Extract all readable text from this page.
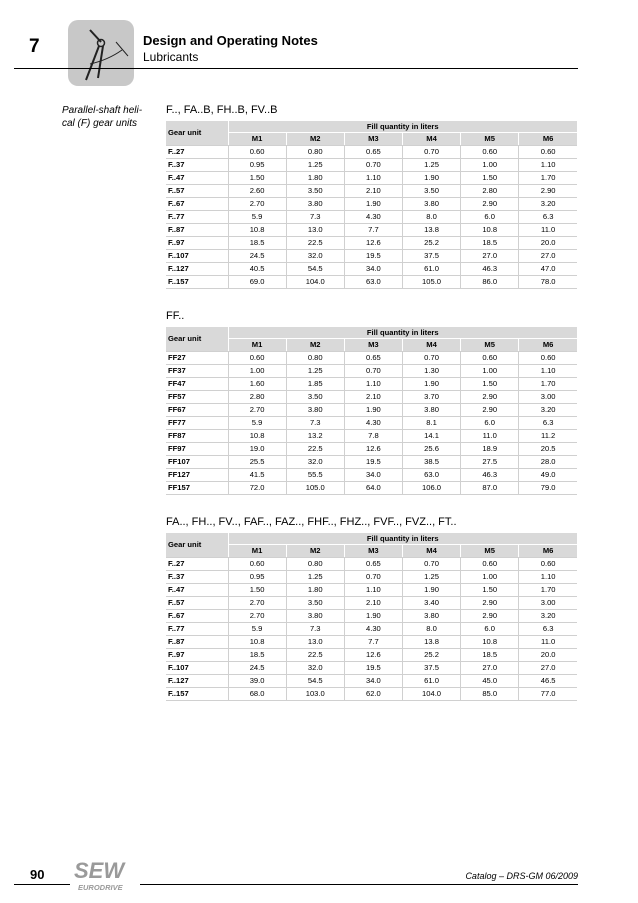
7	Design and Operating Notes
Lubricants
Parallel-shaft heli-cal (F) gear units
F.., FA..B, FH..B, FV..B
Gear unit	Fill quantity in liters					
	M1	M2	M3	M4	M5	M6
F..27	0.60	0.80	0.65	0.70	0.60	0.60
F..37	0.95	1.25	0.70	1.25	1.00	1.10
F..47	1.50	1.80	1.10	1.90	1.50	1.70
F..57	2.60	3.50	2.10	3.50	2.80	2.90
F..67	2.70	3.80	1.90	3.80	2.90	3.20
F..77	5.9	7.3	4.30	8.0	6.0	6.3
F..87	10.8	13.0	7.7	13.8	10.8	11.0
F..97	18.5	22.5	12.6	25.2	18.5	20.0
F..107	24.5	32.0	19.5	37.5	27.0	27.0
F..127	40.5	54.5	34.0	61.0	46.3	47.0
F..157	69.0	104.0	63.0	105.0	86.0	78.0
FF..
Gear unit	Fill quantity in liters					
	M1	M2	M3	M4	M5	M6
FF27	0.60	0.80	0.65	0.70	0.60	0.60
FF37	1.00	1.25	0.70	1.30	1.00	1.10
FF47	1.60	1.85	1.10	1.90	1.50	1.70
FF57	2.80	3.50	2.10	3.70	2.90	3.00
FF67	2.70	3.80	1.90	3.80	2.90	3.20
FF77	5.9	7.3	4.30	8.1	6.0	6.3
FF87	10.8	13.2	7.8	14.1	11.0	11.2
FF97	19.0	22.5	12.6	25.6	18.9	20.5
FF107	25.5	32.0	19.5	38.5	27.5	28.0
FF127	41.5	55.5	34.0	63.0	46.3	49.0
FF157	72.0	105.0	64.0	106.0	87.0	79.0
FA.., FH.., FV.., FAF.., FAZ.., FHF.., FHZ.., FVF.., FVZ.., FT..
Gear unit	Fill quantity in liters					
	M1	M2	M3	M4	M5	M6
F..27	0.60	0.80	0.65	0.70	0.60	0.60
F..37	0.95	1.25	0.70	1.25	1.00	1.10
F..47	1.50	1.80	1.10	1.90	1.50	1.70
F..57	2.70	3.50	2.10	3.40	2.90	3.00
F..67	2.70	3.80	1.90	3.80	2.90	3.20
F..77	5.9	7.3	4.30	8.0	6.0	6.3
F..87	10.8	13.0	7.7	13.8	10.8	11.0
F..97	18.5	22.5	12.6	25.2	18.5	20.0
F..107	24.5	32.0	19.5	37.5	27.0	27.0
F..127	39.0	54.5	34.0	61.0	45.0	46.5
F..157	68.0	103.0	62.0	104.0	85.0	77.0
90 SEW
EURODRIVE
Catalog – DRS-GM 06/2009
